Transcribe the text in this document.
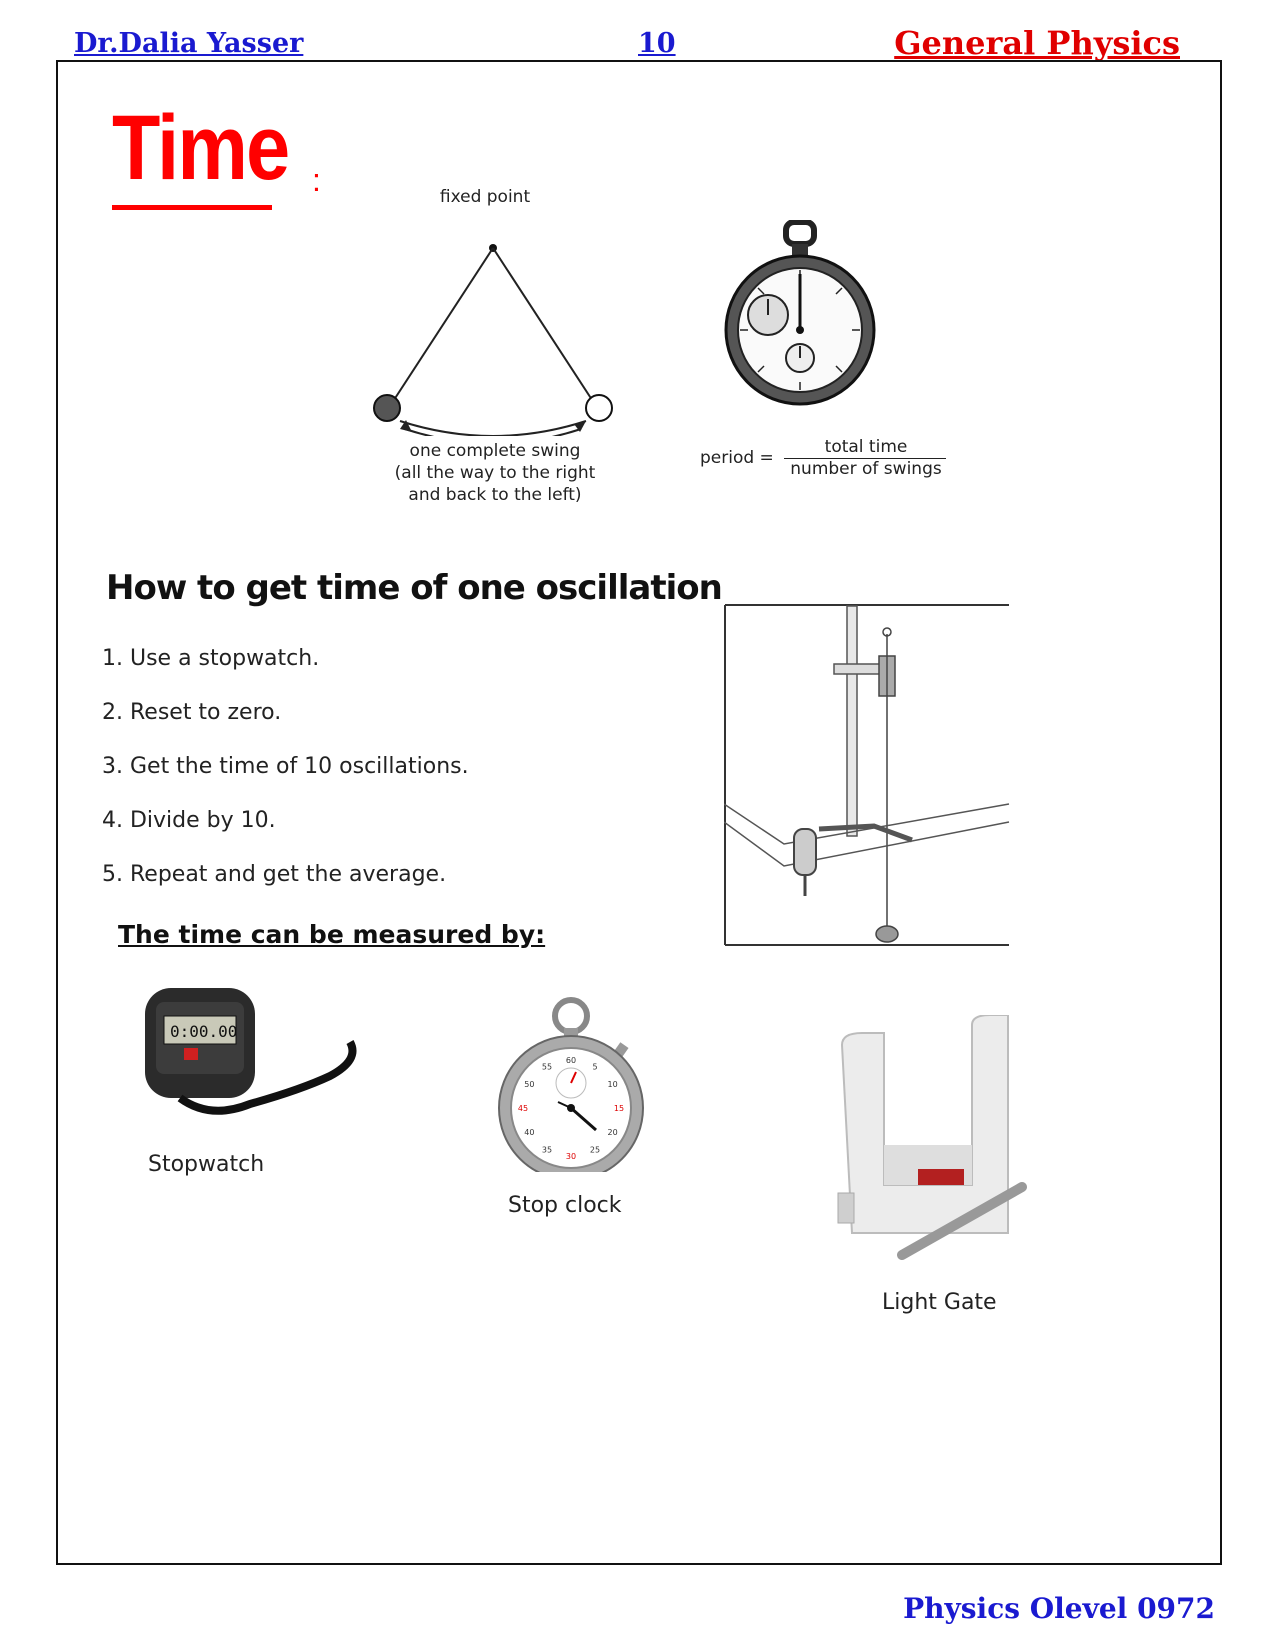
Dr.Dalia Yasser	10	General Physics
Time :	fixed point
one complete swing
(all the way to the right
and back to the left)
period =
total time
number of swings
How to get time of one oscillation
1. Use a stopwatch.
2. Reset to zero.
3. Get the time of 10 oscillations.
4. Divide by 10.
5. Repeat and get the average.
The time can be measured by:
0:00.00
Stopwatch
60
5
10
15
20
25
30
35
40
45
50
55
Stop clock
Light Gate
Physics Olevel 0972
